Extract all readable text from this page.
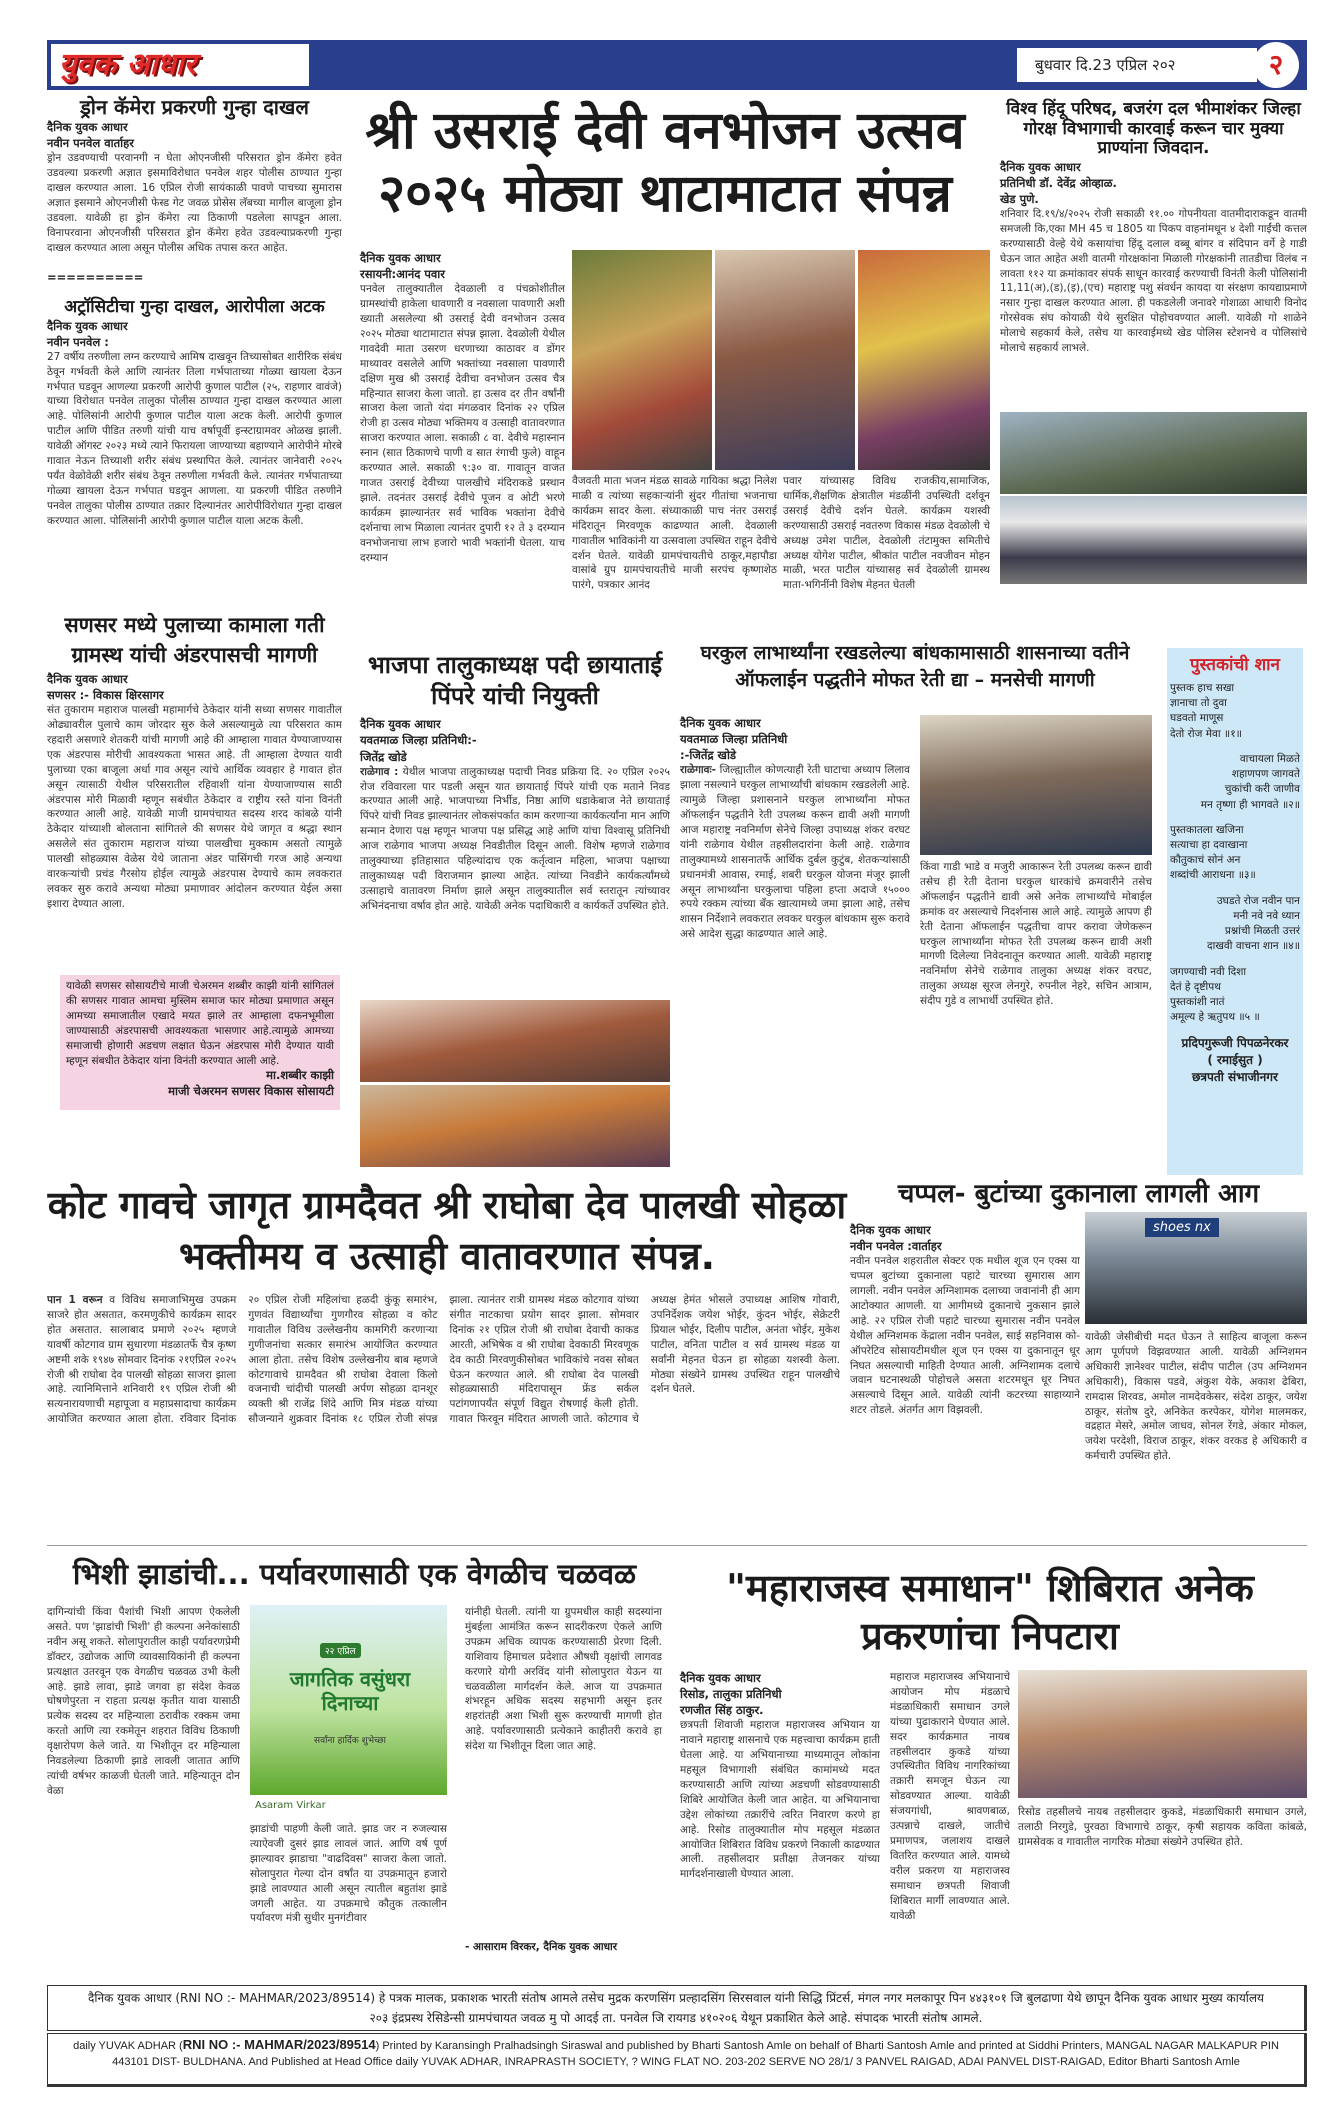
युवक आधार	बुधवार दि.23 एप्रिल २०२	२
ड्रोन कॅमेरा प्रकरणी गुन्हा दाखल
दैनिक युवक आधार
नवीन पनवेल वार्ताहर
ड्रोन उडवण्याची परवानगी न घेता ओएनजीसी परिसरात ड्रोन कॅमेरा हवेत उडवल्या प्रकरणी अज्ञात इसमाविरोधात पनवेल शहर पोलीस ठाण्यात गुन्हा दाखल करण्यात आला. 16 एप्रिल रोजी सायंकाळी पावणे पाचच्या सुमारास अज्ञात इसमाने ओएनजीसी फेस्ड गेट जवळ प्रोसेस लॅबच्या मागील बाजूला ड्रोन उडवला. यावेळी हा ड्रोन कॅमेरा त्या ठिकाणी पडलेला सापडून आला. विनापरवाना ओएनजीसी परिसरात ड्रोन कॅमेरा हवेत उडवल्याप्रकरणी गुन्हा दाखल करण्यात आला असून पोलीस अधिक तपास करत आहेत.
==========
अट्रॉसिटीचा गुन्हा दाखल, आरोपीला अटक
दैनिक युवक आधार
नवीन पनवेल :
27 वर्षीय तरुणीला लग्न करण्याचे आमिष दाखवून तिच्यासोबत शारीरिक संबंध ठेवून गर्भवती केले आणि त्यानंतर तिला गर्भपाताच्या गोळ्या खायला देऊन गर्भपात घडवून आणल्या प्रकरणी आरोपी कुणाल पाटील (२५, राहणार वावंजे) याच्या विरोधात पनवेल तालुका पोलीस ठाण्यात गुन्हा दाखल करण्यात आला आहे. पोलिसांनी आरोपी कुणाल पाटील याला अटक केली. आरोपी कुणाल पाटील आणि पीडित तरुणी यांची याच वर्षापूर्वी इन्स्टाग्रामवर ओळख झाली. यावेळी ऑगस्ट २०२३ मध्ये त्याने फिरायला जाण्याच्या बहाण्याने आरोपीने मोरबे गावात नेऊन तिच्याशी शरीर संबंध प्रस्थापित केले. त्यानंतर जानेवारी २०२५ पर्यंत वेळोवेळी शरीर संबंध ठेवून तरुणीला गर्भवती केले. त्यानंतर गर्भपाताच्या गोळ्या खायला देऊन गर्भपात घडवून आणला. या प्रकरणी पीडित तरुणीने पनवेल तालुका पोलीस ठाण्यात तक्रार दिल्यानंतर आरोपीविरोधात गुन्हा दाखल करण्यात आला. पोलिसांनी आरोपी कुणाल पाटील याला अटक केली.
श्री उसराई देवी वनभोजन उत्सव २०२५ मोठ्या थाटामाटात संपन्न
दैनिक युवक आधार
रसायनी:आनंद पवार
पनवेल तालुक्यातील देवळाली व पंचक्रोशीतील ग्रामस्थांची हाकेला धावणारी व नवसाला पावणारी अशी ख्याती असलेल्या श्री उसराई देवी वनभोजन उत्सव २०२५ मोठ्या थाटामाटात संपन्न झाला. देवळोली येथील गावदेवी माता उसरण धरणाच्या काठावर व डोंगर माथ्यावर वसलेले आणि भक्तांच्या नवसाला पावणारी दक्षिण मुख श्री उसराई देवीचा वनभोजन उत्सव चैत्र महिन्यात साजरा केला जातो. हा उत्सव दर तीन वर्षांनी साजरा केला जातो यंदा मंगळवार दिनांक २२ एप्रिल रोजी हा उत्सव मोठ्या भक्तिमय व उत्साही वातावरणात साजरा करण्यात आला. सकाळी ८ वा. देवीचे महास्नान स्नान (सात ठिकाणचे पाणी व सात रंगाची फुले) वाहून करण्यात आले. सकाळी ९:३० वा. गावातून वाजत गाजत उसराई देवीच्या पालखीचे मंदिराकडे प्रस्थान झाले. तदनंतर उसराई देवीचे पूजन व ओटी भरणे कार्यक्रम झाल्यानंतर सर्व भाविक भक्तांना देवीचे दर्शनाचा लाभ मिळाला त्यानंतर दुपारी १२ ते ३ दरम्यान वनभोजनाचा लाभ हजारो भावी भक्तांनी घेतला. याच दरम्यान
वैजवती माता भजन मंडळ सावळे गायिका श्रद्धा निलेश माळी व त्यांच्या सहकाऱ्यांनी सुंदर गीतांचा भजनाचा कार्यक्रम सादर केला. संध्याकाळी पाच नंतर उसराई मंदिरातून मिरवणूक काढण्यात आली. देवळाली गावातील भाविकांनी या उत्सवाला उपस्थित राहून देवीचे दर्शन घेतले. यावेळी ग्रामपंचायतीचे ठाकूर,महापौडा वासांबे ग्रुप ग्रामपंचायतीचे माजी सरपंच कृष्णाशेठ पारंगे, पत्रकार आनंद
पवार यांच्यासह विविध राजकीय,सामाजिक, धार्मिक,शैक्षणिक क्षेत्रातील मंडळींनी उपस्थिती दर्शवून उसराई देवीचे दर्शन घेतले. कार्यक्रम यशस्वी करण्यासाठी उसराई नवतरुण विकास मंडळ देवळोली चे अध्यक्ष उमेश पाटील, देवळोली तंटामुक्त समितीचे अध्यक्ष योगेश पाटील, श्रीकांत पाटील नवजीवन मोहन माळी, भरत पाटील यांच्यासह सर्व देवळोली ग्रामस्थ माता-भगिनींनी विशेष मेहनत घेतली
विश्व हिंदू परिषद, बजरंग दल भीमाशंकर जिल्हा गोरक्ष विभागाची कारवाई करून चार मुक्या प्राण्यांना जिवदान.
दैनिक युवक आधार
प्रतिनिधी डॉ. देवेंद्र ओव्हाळ.
खेड पुणे.
शनिवार दि.१९/४/२०२५ रोजी सकाळी ११.०० गोपनीयता वातमीदाराकडून वातमी समजली कि,एका MH 45 च 1805 या पिकप वाहनांमधून ४ देशी गाईंची कत्तल करण्यासाठी वेल्हे येथे कसायांचा हिंदू दलाल वब्बू बांगर व संदिपान वर्गे हे गाडी घेऊन जात आहेत अशी वातमी गोरक्षकांना मिळाली गोरक्षकांनी तातडीचा विलंब न लावता ११२ या क्रमांकावर संपर्क साधून कारवाई करण्याची विनंती केली पोलिसांनी 11,11(अ),(ड),(इ),(एच) महाराष्ट्र पशु संवर्धन कायदा या संरक्षण कायद्याप्रमाणे नसार गुन्हा दाखल करण्यात आला. ही पकडलेली जनावरे गोशाळा आधारी विनोद गोरसेवक संघ कोयाळी येथे सुरक्षित पोहोचवण्यात आली. यावेळी गो शाळेने मोलाचे सहकार्य केले, तसेच या कारवाईमध्ये खेड पोलिस स्टेशनचे व पोलिसांचे मोलाचे सहकार्य लाभले.
सणसर मध्ये पुलाच्या कामाला गती ग्रामस्थ यांची अंडरपासची मागणी
दैनिक युवक आधार
सणसर :- विकास क्षिरसागर
संत तुकाराम महाराज पालखी महामार्गचे ठेकेदार यांनी सध्या सणसर गावातील ओढ्यावरील पुलाचे काम जोरदार सुरु केले असल्यामुळे त्या परिसरात काम रहदारी असणारे शेतकरी यांची मागणी आहे की आम्हाला गावात येण्याजाण्यास एक अंडरपास मोरीची आवश्यकता भासत आहे. ती आम्हाला देण्यात यावी पुलाच्या एका बाजूला अर्धा गाव असून त्यांचे आर्थिक व्यवहार हे गावात होत असून त्यासाठी येथील परिसरातील रहिवाशी यांना येण्याजाण्यास साठी अंडरपास मोरी मिळावी म्हणून सबंधीत ठेकेदार व राष्ट्रीय रस्ते यांना विनंती करण्यात आली आहे. यावेळी माजी ग्रामपंचायत सदस्य शरद कांबळे यांनी ठेकेदार यांच्याशी बोलताना सांगितले की सणसर येथे जागृत व श्रद्धा स्थान असलेले संत तुकाराम महाराज यांच्या पालखीचा मुक्काम असतो त्यामुळे पालखी सोहळ्यास वेळेस येथे जाताना अंडर पासिंगची गरज आहे अन्यथा वारकऱ्यांची प्रचंड गैरसोय होईल त्यामुळे अंडरपास देण्याचे काम लवकरात लवकर सुरु करावे अन्यथा मोठ्या प्रमाणावर आंदोलन करण्यात येईल असा इशारा देण्यात आला.
यावेळी सणसर सोसायटीचे माजी चेअरमन शब्बीर काझी यांनी सांगितलं की सणसर गावात आमचा मुस्लिम समाज फार मोठ्या प्रमाणात असून आमच्या समाजातील एखादे मयत झाले तर आम्हाला दफनभूमीला जाण्यासाठी अंडरपासची आवश्यकता भासणार आहे.त्यामुळे आमच्या समाजाची होणारी अडचण लक्षात घेऊन अंडरपास मोरी देण्यात यावी म्हणून संबधीत ठेकेदार यांना विनंती करण्यात आली आहे.
मा.शब्बीर काझी
माजी चेअरमन सणसर विकास सोसायटी
भाजपा तालुकाध्यक्ष पदी छायाताई पिंपरे यांची नियुक्ती
दैनिक युवक आधार
यवतमाळ जिल्हा प्रतिनिधी:-
जितेंद्र खोडे
राळेगाव : येथील भाजपा तालुकाध्यक्ष पदाची निवड प्रक्रिया दि. २० एप्रिल २०२५ रोज रविवारला पार पडली असून यात छायाताई पिंपरे यांची एक मताने निवड करण्यात आली आहे. भाजपाच्या निर्भीड, निष्ठा आणि धडाकेबाज नेते छायाताई पिंपरे यांची निवड झाल्यानंतर लोकसंपर्कात काम करणाऱ्या कार्यकर्त्यांना मान आणि सन्मान देणारा पक्ष म्हणून भाजपा पक्ष प्रसिद्ध आहे आणि यांचा विश्वासू प्रतिनिधी आज राळेगाव भाजपा अध्यक्ष निवडीतील दिसून आली. विशेष म्हणजे राळेगाव तालुक्याच्या इतिहासात पहिल्यांदाच एक कर्तृत्वान महिला, भाजपा पक्षाच्या तालुकाध्यक्ष पदी विराजमान झाल्या आहेत. त्यांच्या निवडीने कार्यकर्त्यांमध्ये उत्साहाचे वातावरण निर्माण झाले असून तालुक्यातील सर्व स्तरातून त्यांच्यावर अभिनंदनाचा वर्षाव होत आहे. यावेळी अनेक पदाधिकारी व कार्यकर्ते उपस्थित होते.
घरकुल लाभार्थ्यांना रखडलेल्या बांधकामासाठी शासनाच्या वतीने ऑफलाईन पद्धतीने मोफत रेती द्या – मनसेची मागणी
दैनिक युवक आधार
यवतमाळ जिल्हा प्रतिनिधी
:-जितेंद्र खोडे
राळेगावः- जिल्ह्यातील कोणत्याही रेती घाटाचा अध्याप लिलाव झाला नसल्याने घरकुल लाभार्थ्यांची बांधकाम रखडलेली आहे. त्यामुळे जिल्हा प्रशासनाने घरकुल लाभार्थ्यांना मोफत ऑफलाईन पद्धतीने रेती उपलब्ध करून द्यावी अशी मागणी आज महाराष्ट्र नवनिर्माण सेनेचे जिल्हा उपाध्यक्ष शंकर वरघट यांनी राळेगाव येथील तहसीलदारांना केली आहे. राळेगाव तालुक्यामध्ये शासनातर्फे आर्थिक दुर्बल कुटुंब, शेतकऱ्यांसाठी प्रधानमंत्री आवास, रमाई, शबरी घरकुल योजना मंजूर झाली असून लाभार्थ्यांना घरकुलाचा पहिला हप्ता अदाजे १५००० रुपये रक्कम त्यांच्या बँक खात्यामध्ये जमा झाला आहे, तसेच शासन निर्देशाने लवकरात लवकर घरकुल बांधकाम सुरू करावे असे आदेश सुद्धा काढण्यात आले आहे.
किंवा गाडी भाडे व मजुरी आकारून रेती उपलब्ध करून द्यावी तसेच ही रेती देताना घरकुल धारकांचे क्रमवारीने तसेच ऑफलाईन पद्धतीने द्यावी असे अनेक लाभार्थ्यांचे मोबाईल क्रमांक वर असल्याचे निदर्शनास आले आहे. त्यामुळे आपण ही रेती देताना ऑफलाईन पद्धतीचा वापर करावा जेणेकरून घरकुल लाभार्थ्यांना मोफत रेती उपलब्ध करून द्यावी अशी मागणी दिलेल्या निवेदनातून करण्यात आली. यावेळी महाराष्ट्र नवनिर्माण सेनेचे राळेगाव तालुका अध्यक्ष शंकर वरघट, तालुका अध्यक्ष सूरज लेनगुरे, रुपनील नेहरे, सचिन आत्राम, संदीप गुडे व लाभार्थी उपस्थित होते.
पुस्तकांची शान
पुस्तक हाच सखा
ज्ञानाचा तो दुवा
घडवतो माणूस
देतो रोज मेवा ॥१॥
वाचायला मिळते
शहाणपण जागवते
चुकांची करी जाणीव
मन तृष्णा ही भागवते ॥२॥
पुस्तकातला खजिना
सत्याचा हा दवाखाना
कौतुकाचं सोनं अन
शब्दांची आराधना ॥३॥
उघडते रोज नवीन पान
मनी नवे नवे ध्यान
प्रश्नांची मिळती उत्तरं
दाखवी वाचना शान ॥४॥
जगण्याची नवी दिशा
देतं हे दृष्टीपथ
पुस्तकांशी नातं
अमूल्य हे ऋतुपथ ॥५ ॥
प्रदिपगुरूजी पिपळनेरकर
( रमाईसुत )
छत्रपती संभाजीनगर
कोट गावचे जागृत ग्रामदैवत श्री राघोबा देव पालखी सोहळा भक्तीमय व उत्साही वातावरणात संपन्न.
पान 1 वरून व विविध समाजाभिमुख उपक्रम साजरे होत असतात, करमणुकीचे कार्यक्रम सादर होत असतात. सालाबाद प्रमाणे २०२५ म्हणजे यावर्षी कोटगाव ग्राम सुधारणा मंडळातर्फे चैत्र कृष्ण अष्टमी शके १९४७ सोमवार दिनांक २१एप्रिल २०२५ रोजी श्री राघोबा देव पालखी सोहळा साजरा झाला आहे. त्यानिमित्ताने शनिवारी १९ एप्रिल रोजी श्री सत्यनारायणाची महापूजा व महाप्रसादाचा कार्यक्रम आयोजित करण्यात आला होता. रविवार दिनांक २० एप्रिल रोजी महिलांचा हळदी कुंकू समारंभ, गुणवंत विद्यार्थ्यांचा गुणगौरव सोहळा व कोट गावातील विविध उल्लेखनीय कामगिरी करणाऱ्या गुणीजनांचा सत्कार समारंभ आयोजित करण्यात आला होता. तसेच विशेष उल्लेखनीय बाब म्हणजे कोटगावाचे ग्रामदैवत श्री राघोबा देवाला किलो वजनाची चांदीची पालखी अर्पण सोहळा दानशूर व्यक्ती श्री राजेंद्र शिंदे आणि मित्र मंडळ यांच्या सौजन्याने शुक्रवार दिनांक १८ एप्रिल रोजी संपन्न झाला. त्यानंतर रात्री ग्रामस्थ मंडळ कोटगाव यांच्या संगीत नाटकाचा प्रयोग सादर झाला. सोमवार दिनांक २१ एप्रिल रोजी श्री राघोबा देवाची काकड आरती, अभिषेक व श्री राघोबा देवकाठी मिरवणूक देव काठी मिरवणुकीसोबत भाविकांचे नवस सोबत घेऊन करण्यात आले. श्री राघोबा देव पालखी सोहळ्यासाठी मंदिरापासून फ्रेंड सर्कल पटांगणापर्यंत संपूर्ण विद्युत रोषणाई केली होती. गावात फिरवून मंदिरात आणली जाते. कोटगाव चे अध्यक्ष हेमंत भोसले उपाध्यक्ष आशिष गोवारी, उपनिर्देशक जयेश भोईर, कुंदन भोईर, सेक्रेटरी प्रियाल भोईर, दिलीप पाटील, अनंता भोईर, मुकेश पाटील, वनिता पाटील व सर्व ग्रामस्थ मंडळ या सर्वांनी मेहनत घेऊन हा सोहळा यशस्वी केला. मोठ्या संख्येने ग्रामस्थ उपस्थित राहून पालखीचे दर्शन घेतले.
चप्पल- बुटांच्या दुकानाला लागली आग
दैनिक युवक आधार
नवीन पनवेल :वार्ताहर
नवीन पनवेल शहरातील सेक्टर एक मधील शूज एन एक्स या चप्पल बुटांच्या दुकानाला पहाटे चारच्या सुमारास आग लागली. नवीन पनवेल अग्निशामक दलाच्या जवानांनी ही आग आटोक्यात आणली. या आगीमध्ये दुकानाचे नुकसान झाले आहे. २२ एप्रिल रोजी पहाटे चारच्या सुमारास नवीन पनवेल येथील अग्निशमक केंद्राला नवीन पनवेल, साई सहनिवास को-ऑपरेटिव सोसायटीमधील शूज एन एक्स या दुकानातून धूर निघत असल्याची माहिती देण्यात आली. अग्निशामक दलाचे जवान घटनास्थळी पोहोचले असता शटरमधून धूर निघत असल्याचे दिसून आले. यावेळी त्यांनी कटरच्या साहाय्याने शटर तोडले. अंतर्गत आग विझवली.
shoes nx
यावेळी जेसीबीची मदत घेऊन ते साहित्य बाजूला करून आग पूर्णपणे विझवण्यात आली. यावेळी अग्निशमन अधिकारी ज्ञानेश्वर पाटील, संदीप पाटील (उप अग्निशमन अधिकारी), विकास पडवे, अंकुश येके, अकाश ढेबिरा, रामदास शिरवड, अमोल नामदेवकेसर, संदेश ठाकूर, जयेश ठाकूर, संतोष दुरे, अनिकेत करपेकर, योगेश मालमकर, वद्रहात मेसरे, अमोल जाधव, सोनल रेंगडे, अंकार मोकल, जयेश परदेशी, विराज ठाकूर, शंकर वरकड हे अधिकारी व कर्मचारी उपस्थित होते.
भिशी झाडांची... पर्यावरणासाठी एक वेगळीच चळवळ
दागिन्यांची किंवा पैशांची भिशी आपण ऐकलेली असते. पण 'झाडांची भिशी' ही कल्पना अनेकांसाठी नवीन असू शकते. सोलापुरातील काही पर्यावरणप्रेमी डॉक्टर, उद्योजक आणि व्यावसायिकांनी ही कल्पना प्रत्यक्षात उतरवून एक वेगळीच चळवळ उभी केली आहे. झाडे लावा, झाडे जगवा हा संदेश केवळ घोषणेपुरता न राहता प्रत्यक्ष कृतीत यावा यासाठी प्रत्येक सदस्य दर महिन्याला ठरावीक रक्कम जमा करतो आणि त्या रकमेतून शहरात विविध ठिकाणी वृक्षारोपण केले जाते. या भिशीतून दर महिन्याला निवडलेल्या ठिकाणी झाडे लावली जातात आणि त्यांची वर्षभर काळजी घेतली जाते. महिन्यातून दोन वेळा
२२ एप्रिल
जागतिक वसुंधरा दिनाच्या
सर्वांना हार्दिक शुभेच्छा
Asaram Virkar
झाडांची पाहणी केली जाते. झाड जर न रुजल्यास त्याऐवजी दुसरं झाड लावलं जातं. आणि वर्ष पूर्ण झाल्यावर झाडाचा "वाढदिवस" साजरा केला जातो. सोलापुरात गेल्या दोन वर्षांत या उपक्रमातून हजारो झाडे लावण्यात आली असून त्यातील बहुतांश झाडे जगली आहेत. या उपक्रमाचे कौतुक तत्कालीन पर्यावरण मंत्री सुधीर मुनगंटीवार
यांनीही घेतली. त्यांनी या ग्रुपमधील काही सदस्यांना मुंबईला आमंत्रित करून सादरीकरण ऐकले आणि उपक्रम अधिक व्यापक करण्यासाठी प्रेरणा दिली. याशिवाय हिमाचल प्रदेशात औषधी वृक्षांची लागवड करणारे योगी अरविंद यांनी सोलापुरात येऊन या चळवळीला मार्गदर्शन केले. आज या उपक्रमात शंभरहून अधिक सदस्य सहभागी असून इतर शहरांतही अशा भिशी सुरू करण्याची मागणी होत आहे. पर्यावरणासाठी प्रत्येकाने काहीतरी करावे हा संदेश या भिशीतून दिला जात आहे.
- आसाराम विरकर, दैनिक युवक आधार
"महाराजस्व समाधान" शिबिरात अनेक प्रकरणांचा निपटारा
दैनिक युवक आधार
रिसोड, तालुका प्रतिनिधी
रणजीत सिंह ठाकुर.
छत्रपती शिवाजी महाराज महाराजस्व अभियान या नावाने महाराष्ट्र शासनाचे एक महत्त्वाचा कार्यक्रम हाती घेतला आहे. या अभियानाच्या माध्यमातून लोकांना महसूल विभागाशी संबंधित कामांमध्ये मदत करण्यासाठी आणि त्यांच्या अडचणी सोडवण्यासाठी शिबिरे आयोजित केली जात आहेत. या अभियानाचा उद्देश लोकांच्या तक्रारींचे त्वरित निवारण करणे हा आहे. रिसोड तालुक्यातील मोप महसूल मंडळात आयोजित शिबिरात विविध प्रकरणे निकाली काढण्यात आली. तहसीलदार प्रतीक्षा तेजनकर यांच्या मार्गदर्शनाखाली घेण्यात आला.
महाराज महाराजस्व अभियानाचे आयोजन मोप मंडळाचे मंडळाधिकारी समाधान उगले यांच्या पुढाकाराने घेण्यात आले. सदर कार्यक्रमात नायब तहसीलदार कुकडे यांच्या उपस्थितीत विविध नागरिकांच्या तक्रारी समजून घेऊन त्या सोडवण्यात आल्या. यावेळी संजयगांधी, श्रावणबाळ, उत्पन्नाचे दाखले, जातीचे प्रमाणपत्र, जलाशय दाखले वितरित करण्यात आले. यामध्ये वरील प्रकरण या महाराजस्व समाधान छत्रपती शिवाजी शिबिरात मार्गी लावण्यात आले. यावेळी
रिसोड तहसीलचे नायब तहसीलदार कुकडे, मंडळाधिकारी समाधान उगले, तलाठी निरगुडे, पुरवठा विभागाचे ठाकूर, कृषी सहायक कविता कांबळे, ग्रामसेवक व गावातील नागरिक मोठ्या संख्येने उपस्थित होते.
दैनिक युवक आधार (RNI NO :- MAHMAR/2023/89514) हे पत्रक मालक, प्रकाशक भारती संतोष आमले तसेच मुद्रक करणसिंग प्रल्हादसिंग सिरसवाल यांनी सिद्धि प्रिंटर्स, मंगल नगर मलकापूर पिन ४४३१०१ जि बुलढाणा येथे छापून दैनिक युवक आधार मुख्य कार्यालय २०३ इंद्रप्रस्थ रेसिडेन्सी ग्रामपंचायत जवळ मु पो आदई ता. पनवेल जि रायगड ४१०२०६ येथून प्रकाशित केले आहे. संपादक भारती संतोष आमले.
daily YUVAK ADHAR (RNI NO :- MAHMAR/2023/89514) Printed by Karansingh Pralhadsingh Siraswal and published by Bharti Santosh Amle on behalf of Bharti Santosh Amle and printed at Siddhi Printers, MANGAL NAGAR MALKAPUR PIN 443101 DIST- BULDHANA. And Published at Head Office daily YUVAK ADHAR, INRAPRASTH SOCIETY, ? WING FLAT NO. 203-202 SERVE NO 28/1/ 3 PANVEL RAIGAD, ADAI PANVEL DIST-RAIGAD, Editor Bharti Santosh Amle
